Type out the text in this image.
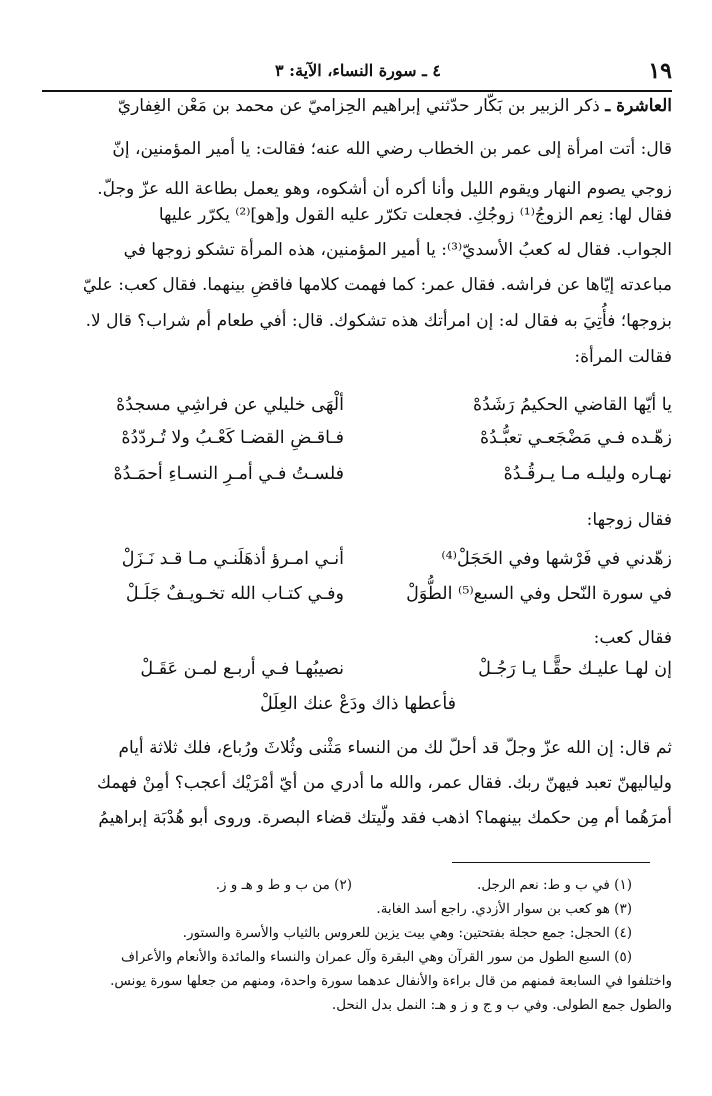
١٩
٤ ـ سورة النساء، الآية: ٣
العاشرة ـ ذكر الزبير بن بَكّار حدّثني إبراهيم الحِزاميّ عن محمد بن مَعْن الغِفاريّ
قال: أتت امرأة إلى عمر بن الخطاب رضي الله عنه؛ فقالت: يا أمير المؤمنين، إنّ
زوجي يصوم النهار ويقوم الليل وأنا أكره أن أشكوه، وهو يعمل بطاعة الله عزّ وجلّ.
فقال لها: نِعم الزوجُ⁽¹⁾ زوجُكِ. فجعلت تكرّر عليه القول و[هو]⁽²⁾ يكرّر عليها
الجواب. فقال له كعبُ الأسديّ⁽³⁾: يا أمير المؤمنين، هذه المرأة تشكو زوجها في
مباعدته إيّاها عن فراشه. فقال عمر: كما فهمت كلامها فاقضِ بينهما. فقال كعب: عليّ
بزوجها؛ فأُتِيَ به فقال له: إن امرأتك هذه تشكوك. قال: أفي طعام أم شراب؟ قال لا.
فقالت المرأة:
يا أيّها القاضي الحكيمُ رَشَدُهْ
ألْهَى خليلي عن فراشِي مسجدُهْ
زهّـده فـي مَضْجَعـي تعبُّـدُهْ
فـاقـضِ القضـا كَعْـبُ ولا تُـردّدُهْ
نهـاره وليلـه مـا يـرقُـدُهْ
فلسـتُ فـي أمـرِ النسـاءِ أحمَـدُهْ
فقال زوجها:
زهّدني في فَرْشها وفي الحَجَلْ⁽⁴⁾
أنـي امـرؤ أذهَلَنـي مـا قـد نَـزَلْ
في سورة النّحل وفي السبع⁽⁵⁾ الطُّوَلْ
وفـي كتـاب الله تخـويـفٌ جَلَـلْ
فقال كعب:
إن لهـا عليـك حقًّـا يـا رَجُـلْ
نصيبُهـا فـي أربـع لمـن عَقَـلْ
فأعطها ذاك ودَعْ عنك العِلَلْ
ثم قال: إن الله عزّ وجلّ قد أحلّ لك من النساء مَثْنى وثُلاثَ ورُباع، فلك ثلاثة أيام
ولياليهنّ تعبد فيهنّ ربك. فقال عمر، والله ما أدري من أيّ أمْرَيْك أعجب؟ أمِنْ فهمك
أمرَهُما أم مِن حكمك بينهما؟ اذهب فقد ولّيتك قضاء البصرة. وروى أبو هُدْبَة إبراهيمُ
(١) في ب و ط: نعم الرجل.
(٢) من ب و ط و هـ و ز.
(٣) هو كعب بن سوار الأزدي. راجع أسد الغابة.
(٤) الحجل: جمع حجلة بفتحتين: وهي بيت يزين للعروس بالثياب والأسرة والستور.
(٥) السبع الطول من سور القرآن وهي البقرة وآل عمران والنساء والمائدة والأنعام والأعراف
واختلفوا في السابعة فمنهم من قال براءة والأنفال عدهما سورة واحدة، ومنهم من جعلها سورة يونس.
والطول جمع الطولى. وفي ب و ج و ز و هـ: النمل بدل النحل.
